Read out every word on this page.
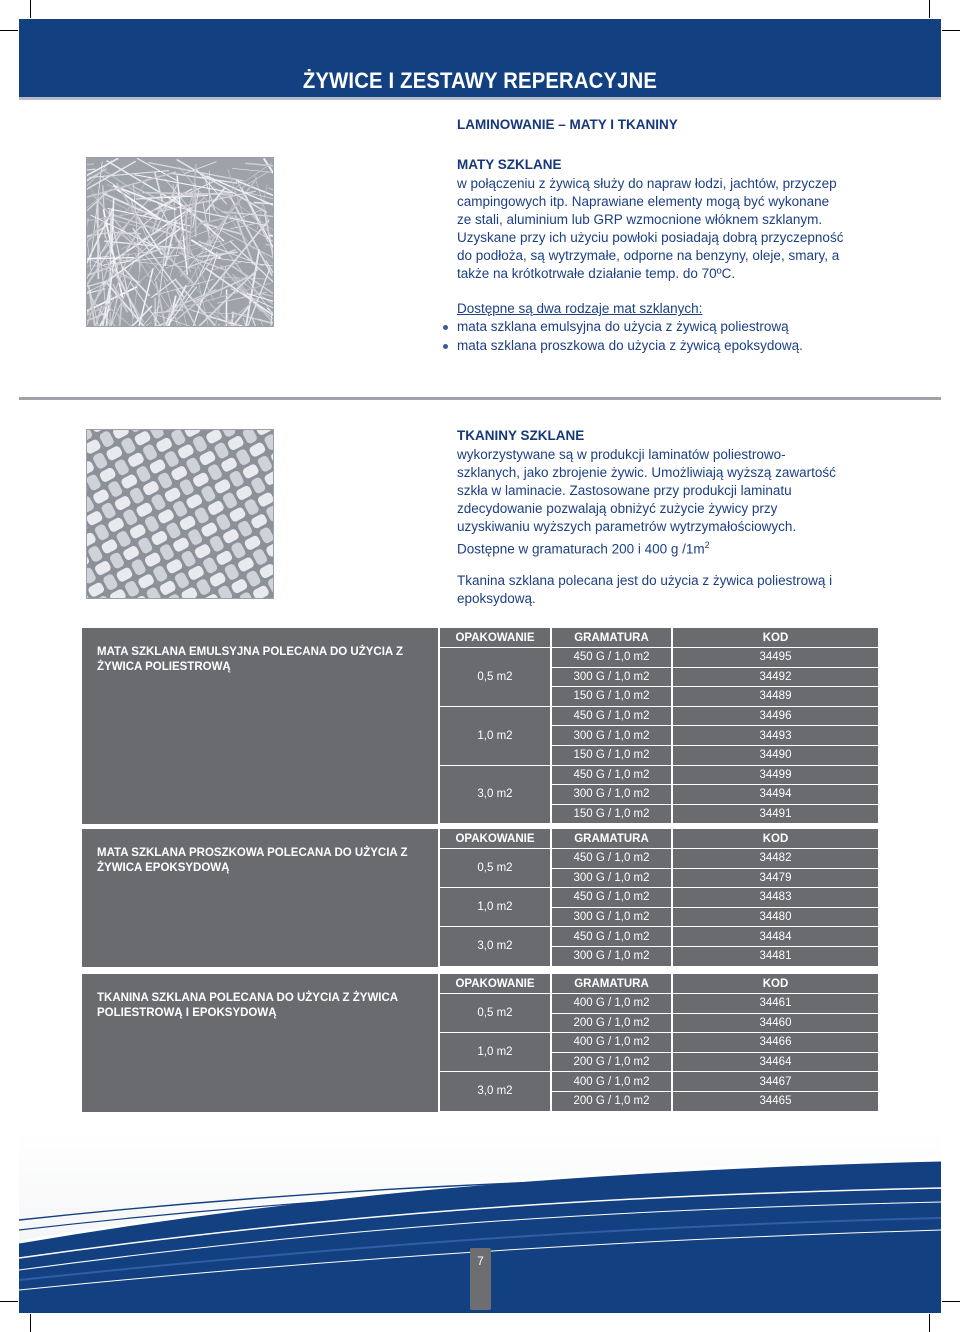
ŻYWICE I ZESTAWY REPERACYJNE
LAMINOWANIE – MATY I TKANINY
MATY SZKLANE
w połączeniu z żywicą służy do napraw łodzi, jachtów, przyczep
campingowych itp. Naprawiane elementy mogą być wykonane
ze stali, aluminium lub GRP wzmocnione włóknem szklanym.
Uzyskane przy ich użyciu powłoki posiadają dobrą przyczepność
do podłoża, są wytrzymałe, odporne na benzyny, oleje, smary, a
także na krótkotrwałe działanie temp. do 70ºC.
Dostępne są dwa rodzaje mat szklanych:
mata szklana emulsyjna do użycia z żywicą poliestrową
mata szklana proszkowa do użycia z żywicą epoksydową.
TKANINY SZKLANE
wykorzystywane są w produkcji laminatów poliestrowo-
szklanych, jako zbrojenie żywic. Umożliwiają wyższą zawartość
szkła w laminacie. Zastosowane przy produkcji laminatu
zdecydowanie pozwalają obniżyć zużycie żywicy przy
uzyskiwaniu wyższych parametrów wytrzymałościowych.
Dostępne w gramaturach 200 i 400 g $/1m^2$
Tkanina szklana polecana jest do użycia z żywica poliestrową i
epoksydową.
MATA SZKLANA EMULSYJNA POLECANA DO UŻYCIA Z ŻYWICA POLIESTROWĄ
OPAKOWANIE	GRAMATURA	KOD
0,5 m2
450 G / 1,0 m2	34495
300 G / 1,0 m2	34492
150 G / 1,0 m2	34489
1,0 m2
450 G / 1,0 m2	34496
300 G / 1,0 m2	34493
150 G / 1,0 m2	34490
3,0 m2
450 G / 1,0 m2	34499
300 G / 1,0 m2	34494
150 G / 1,0 m2	34491
MATA SZKLANA PROSZKOWA POLECANA DO UŻYCIA Z ŻYWICA EPOKSYDOWĄ
OPAKOWANIE	GRAMATURA	KOD
0,5 m2
450 G / 1,0 m2	34482
300 G / 1,0 m2	34479
1,0 m2
450 G / 1,0 m2	34483
300 G / 1,0 m2	34480
3,0 m2
450 G / 1,0 m2	34484
300 G / 1,0 m2	34481
TKANINA SZKLANA POLECANA DO UŻYCIA Z ŻYWICA POLIESTROWĄ I EPOKSYDOWĄ
OPAKOWANIE	GRAMATURA	KOD
0,5 m2
400 G / 1,0 m2	34461
200 G / 1,0 m2	34460
1,0 m2
400 G / 1,0 m2	34466
200 G / 1,0 m2	34464
3,0 m2
400 G / 1,0 m2	34467
200 G / 1,0 m2	34465
7
